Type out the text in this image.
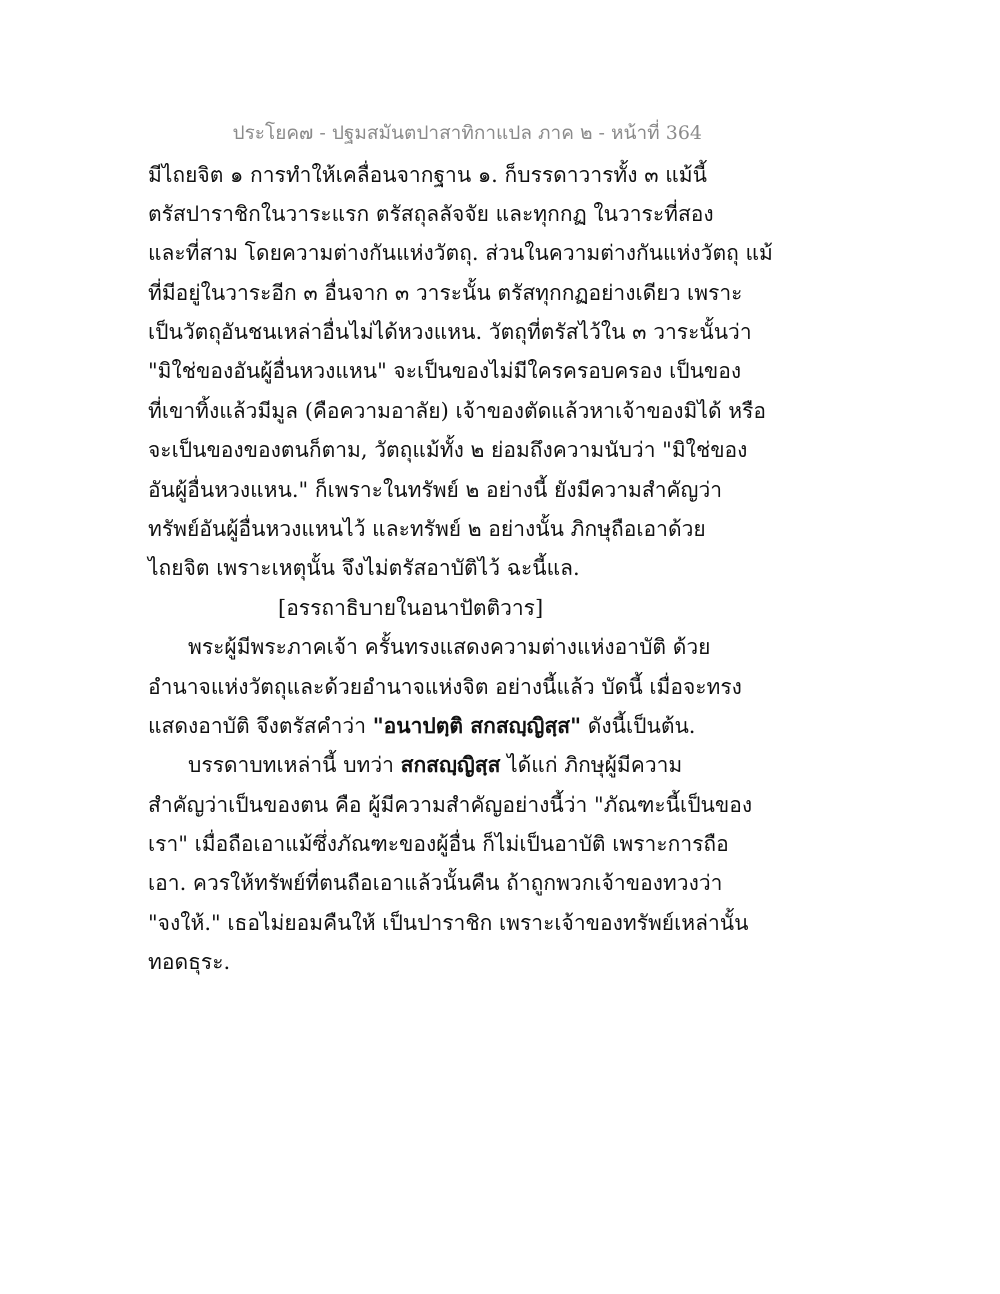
ประโยค๗ - ปฐมสมันตปาสาทิกาแปล ภาค ๒ - หน้าที่ 364
มีไถยจิต ๑ การทำให้เคลื่อนจากฐาน ๑. ก็บรรดาวารทั้ง ๓ แม้นี้
ตรัสปาราชิกในวาระแรก ตรัสถุลลัจจัย และทุกกฏ ในวาระที่สอง
และที่สาม โดยความต่างกันแห่งวัตถุ. ส่วนในความต่างกันแห่งวัตถุ แม้
ที่มีอยู่ในวาระอีก ๓ อื่นจาก ๓ วาระนั้น ตรัสทุกกฏอย่างเดียว เพราะ
เป็นวัตถุอันชนเหล่าอื่นไม่ได้หวงแหน. วัตถุที่ตรัสไว้ใน ๓ วาระนั้นว่า
"มิใช่ของอันผู้อื่นหวงแหน" จะเป็นของไม่มีใครครอบครอง เป็นของ
ที่เขาทิ้งแล้วมีมูล (คือความอาลัย) เจ้าของตัดแล้วหาเจ้าของมิได้ หรือ
จะเป็นของของตนก็ตาม, วัตถุแม้ทั้ง ๒ ย่อมถึงความนับว่า "มิใช่ของ
อันผู้อื่นหวงแหน." ก็เพราะในทรัพย์ ๒ อย่างนี้ ยังมีความสำคัญว่า
ทรัพย์อันผู้อื่นหวงแหนไว้ และทรัพย์ ๒ อย่างนั้น ภิกษุถือเอาด้วย
ไถยจิต เพราะเหตุนั้น จึงไม่ตรัสอาบัติไว้ ฉะนี้แล.
[อรรถาธิบายในอนาปัตติวาร]
พระผู้มีพระภาคเจ้า ครั้นทรงแสดงความต่างแห่งอาบัติ ด้วย
อำนาจแห่งวัตถุและด้วยอำนาจแห่งจิต อย่างนี้แล้ว บัดนี้ เมื่อจะทรง
แสดงอาบัติ จึงตรัสคำว่า "อนาปตฺติ สกสญฺญิสฺส" ดังนี้เป็นต้น.
บรรดาบทเหล่านี้ บทว่า สกสญฺญิสฺส ได้แก่ ภิกษุผู้มีความ
สำคัญว่าเป็นของตน คือ ผู้มีความสำคัญอย่างนี้ว่า "ภัณฑะนี้เป็นของ
เรา" เมื่อถือเอาแม้ซึ่งภัณฑะของผู้อื่น ก็ไม่เป็นอาบัติ เพราะการถือ
เอา. ควรให้ทรัพย์ที่ตนถือเอาแล้วนั้นคืน ถ้าถูกพวกเจ้าของทวงว่า
"จงให้." เธอไม่ยอมคืนให้ เป็นปาราชิก เพราะเจ้าของทรัพย์เหล่านั้น
ทอดธุระ.
